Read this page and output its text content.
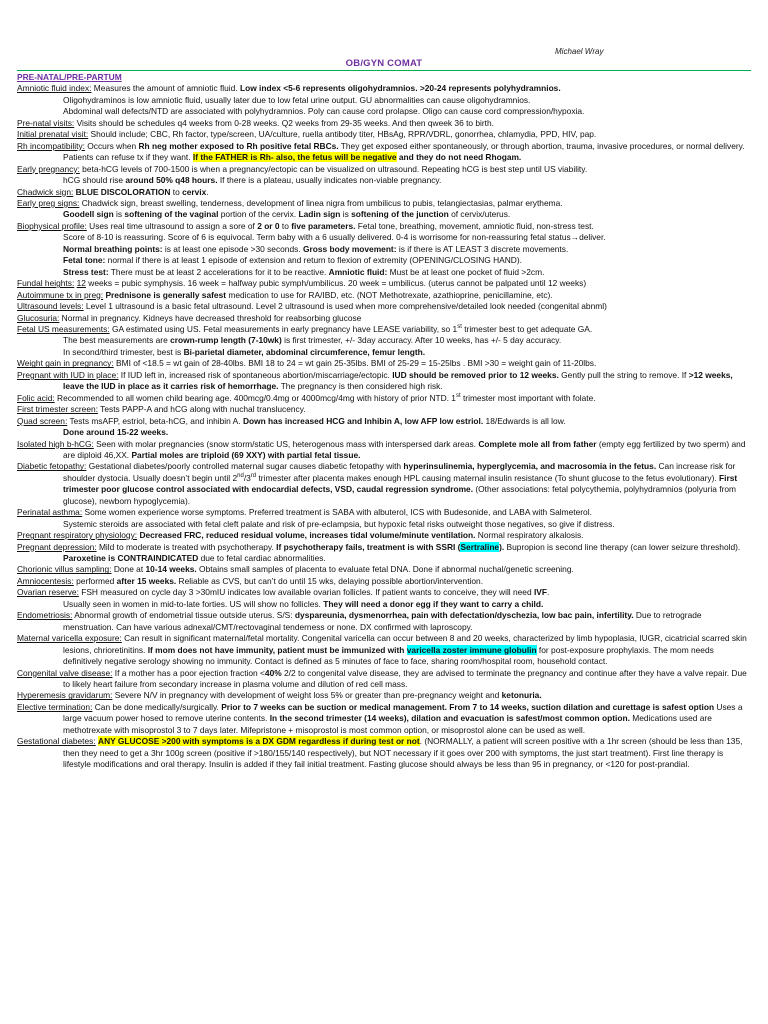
Michael Wray
OB/GYN COMAT

PRE-NATAL/PRE-PARTUM

Amniotic fluid index: Measures the amount of amniotic fluid. Low index <5-6 represents oligohydramnios. >20-24 represents polyhydramnios.

Oligohydraminos is low amniotic fluid, usually later due to low fetal urine output. GU abnormalities can cause oligohydramnios.

Abdominal wall defects/NTD are associated with polyhydramnios. Poly can cause cord prolapse. Oligo can cause cord compression/hypoxia.

Pre-natal visits: Visits should be schedules q4 weeks from 0-28 weeks. Q2 weeks from 29-35 weeks. And then qweek 36 to birth.

Initial prenatal visit: Should include; CBC, Rh factor, type/screen, UA/culture, ruella antibody titer, HBsAg, RPR/VDRL, gonorrhea, chlamydia, PPD, HIV, pap.

Rh incompatibility: Occurs when Rh neg mother exposed to Rh positive fetal RBCs. They get exposed either spontaneously, or through abortion, trauma, invasive procedures, or normal delivery. Patients can refuse tx if they want. If the FATHER is Rh- also, the fetus will be negative and they do not need Rhogam.

Early pregnancy: beta-hCG levels of 700-1500 is when a pregnancy/ectopic can be visualized on ultrasound. Repeating hCG is best step until US viability.

hCG should rise around 50% q48 hours. If there is a plateau, usually indicates non-viable pregnancy.

Chadwick sign: BLUE DISCOLORATION to cervix.

Early preg signs: Chadwick sign, breast swelling, tenderness, development of linea nigra from umbilicus to pubis, telangiectasias, palmar erythema.

Goodell sign is softening of the vaginal portion of the cervix. Ladin sign is softening of the junction of cervix/uterus.

Biophysical profile: Uses real time ultrasound to assign a sore of 2 or 0 to five parameters. Fetal tone, breathing, movement, amniotic fluid, non-stress test.

Score of 8-10 is reassuring. Score of 6 is equivocal. Term baby with a 6 usually delivered. 0-4 is worrisome for non-reassuring fetal status→deliver.

Normal breathing points: is at least one episode >30 seconds. Gross body movement: is if there is AT LEAST 3 discrete movements.

Fetal tone: normal if there is at least 1 episode of extension and return to flexion of extremity (OPENING/CLOSING HAND).

Stress test: There must be at least 2 accelerations for it to be reactive. Amniotic fluid: Must be at least one pocket of fluid >2cm.

Fundal heights: 12 weeks = pubic symphysis. 16 week = halfway pubic symph/umbilicus. 20 week = umbilicus. (uterus cannot be palpated until 12 weeks)

Autoimmune tx in preg: Prednisone is generally safest medication to use for RA/IBD, etc. (NOT Methotrexate, azathioprine, penicillamine, etc).

Ultrasound levels: Level 1 ultrasound is a basic fetal ultrasound. Level 2 ultrasound is used when more comprehensive/detailed look needed (congenital abnml)

Glucosuria: Normal in pregnancy. Kidneys have decreased threshold for reabsorbing glucose

Fetal US measurements: GA estimated using US. Fetal measurements in early pregnancy have LEASE variability, so 1st trimester best to get adequate GA.

The best measurements are crown-rump length (7-10wk) is first trimester, +/- 3day accuracy. After 10 weeks, has +/- 5 day accuracy.

In second/third trimester, best is Bi-parietal diameter, abdominal circumference, femur length.

Weight gain in pregnancy: BMI of <18.5 = wt gain of 28-40lbs. BMI 18 to 24 = wt gain 25-35lbs. BMI of 25-29 = 15-25lbs . BMI >30 = weight gain of 11-20lbs.

Pregnant with IUD in place: If IUD left in, increased risk of spontaneous abortion/miscarriage/ectopic. IUD should be removed prior to 12 weeks. Gently pull the string to remove. If >12 weeks, leave the IUD in place as it carries risk of hemorrhage. The pregnancy is then considered high risk.

Folic acid: Recommended to all women child bearing age. 400mcg/0.4mg or 4000mcg/4mg with history of prior NTD. 1st trimester most important with folate.

First trimester screen: Tests PAPP-A and hCG along with nuchal translucency.

Quad screen: Tests msAFP, estriol, beta-hCG, and inhibin A. Down has increased HCG and Inhibin A, low AFP low estriol. 18/Edwards is all low.

Done around 15-22 weeks.

Isolated high b-hCG: Seen with molar pregnancies (snow storm/static US, heterogenous mass with interspersed dark areas. Complete mole all from father (empty egg fertilized by two sperm) and are diploid 46,XX. Partial moles are triploid (69 XXY) with partial fetal tissue.

Diabetic fetopathy: Gestational diabetes/poorly controlled maternal sugar causes diabetic fetopathy with hyperinsulinemia, hyperglycemia, and macrosomia in the fetus. Can increase risk for shoulder dystocia. Usually doesn’t begin until 2nd/3rd trimester after placenta makes enough HPL causing maternal insulin resistance (To shunt glucose to the fetus evolutionary). First trimester poor glucose control associated with endocardial defects, VSD, caudal regression syndrome. (Other associations: fetal polycythemia, polyhydramnios (polyuria from glucose), newborn hypoglycemia).

Perinatal asthma: Some women experience worse symptoms. Preferred treatment is SABA with albuterol, ICS with Budesonide, and LABA with Salmeterol.

Systemic steroids are associated with fetal cleft palate and risk of pre-eclampsia, but hypoxic fetal risks outweight those negatives, so give if distress.

Pregnant respiratory physiology: Decreased FRC, reduced residual volume, increases tidal volume/minute ventilation. Normal respiratory alkalosis.

Pregnant depression: Mild to moderate is treated with psychotherapy. If psychotherapy fails, treatment is with SSRI (Sertraline). Bupropion is second line therapy (can lower seizure threshold). Paroxetine is CONTRAINDICATED due to fetal cardiac abnormalities.

Chorionic villus sampling: Done at 10-14 weeks. Obtains small samples of placenta to evaluate fetal DNA. Done if abnormal nuchal/genetic screening.

Amniocentesis: performed after 15 weeks. Reliable as CVS, but can’t do until 15 wks, delaying possible abortion/intervention.

Ovarian reserve: FSH measured on cycle day 3 >30mIU indicates low available ovarian follicles. If patient wants to conceive, they will need IVF.

Usually seen in women in mid-to-late forties. US will show no follicles. They will need a donor egg if they want to carry a child.

Endometriosis: Abnormal growth of endometrial tissue outside uterus. S/S: dyspareunia, dysmenorrhea, pain with defectation/dyschezia, low bac pain, infertility. Due to retrograde menstruation. Can have various adnexal/CMT/rectovaginal tenderness or none. DX confirmed with laproscopy.

Maternal varicella exposure: Can result in significant maternal/fetal mortality. Congenital varicella can occur between 8 and 20 weeks, characterized by limb hypoplasia, IUGR, cicatricial scarred skin lesions, chrioretinitins. If mom does not have immunity, patient must be immunized with varicella zoster immune globulin for post-exposure prophylaxis. The mom needs definitively negative serology showing no immunity. Contact is defined as 5 minutes of face to face, sharing room/hospital room, household contact.

Congenital valve disease: If a mother has a poor ejection fraction <40% 2/2 to congenital valve disease, they are advised to terminate the pregnancy and continue after they have a valve repair. Due to likely heart failure from secondary increase in plasma volume and dilution of red cell mass.

Hyperemesis gravidarum: Severe N/V in pregnancy with development of weight loss 5% or greater than pre-pregnancy weight and ketonuria.

Elective termination: Can be done medically/surgically. Prior to 7 weeks can be suction or medical management. From 7 to 14 weeks, suction dilation and curettage is safest option Uses a large vacuum power hosed to remove uterine contents. In the second trimester (14 weeks), dilation and evacuation is safest/most common option. Medications used are methotrexate with misoprostol 3 to 7 days later. Mifepristone + misoprostol is most common option, or misoprostol alone can be used as well.

Gestational diabetes: ANY GLUCOSE >200 with symptoms is a DX GDM regardless if during test or not. (NORMALLY, a patient will screen positive with a 1hr screen (should be less than 135, then they need to get a 3hr 100g screen (positive if >180/155/140 respectively), but NOT necessary if it goes over 200 with symptoms, the just start treatment). First line therapy is lifestyle modifications and oral therapy. Insulin is added if they fail initial treatment. Fasting glucose should always be less than 95 in pregnancy, or <120 for post-prandial.
